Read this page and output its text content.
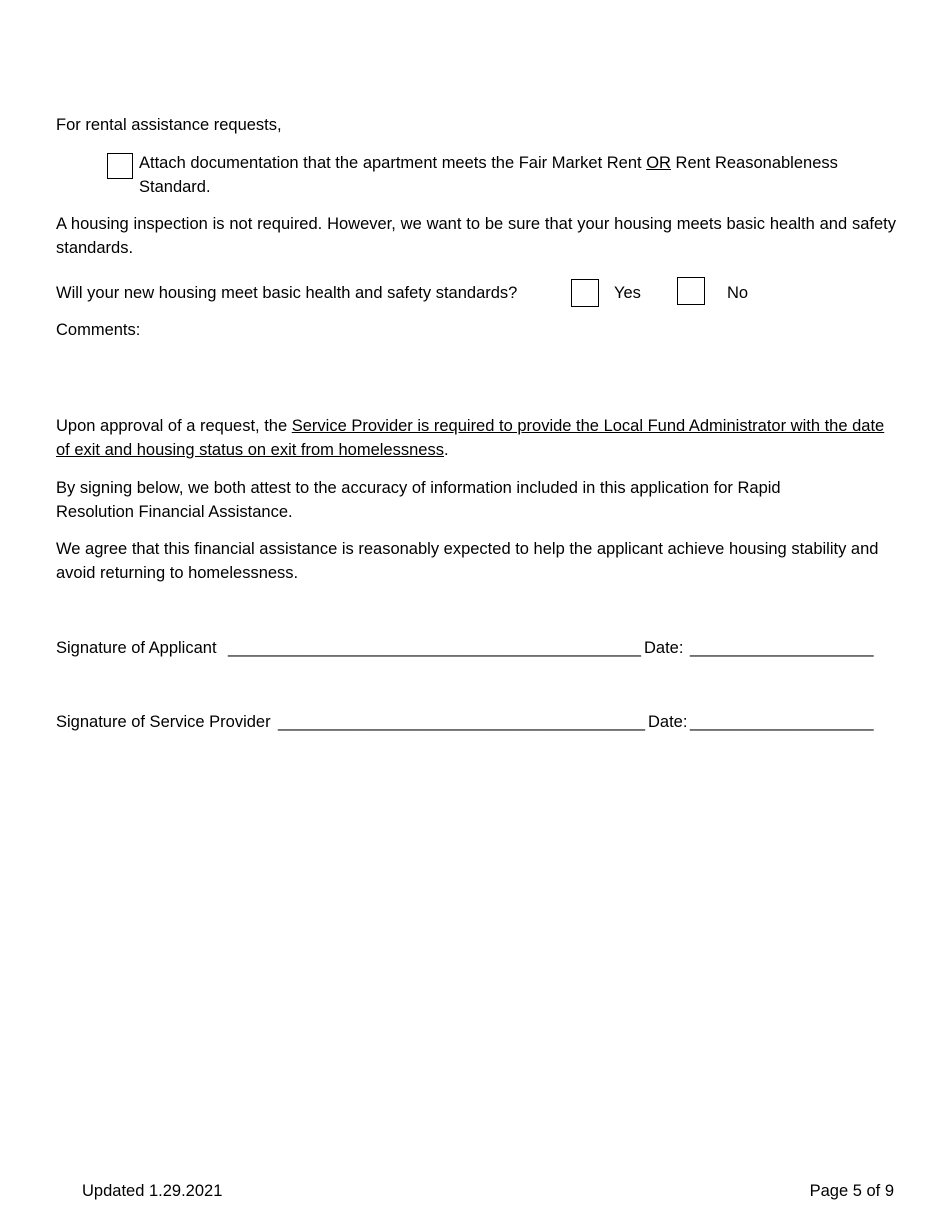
For rental assistance requests,

Attach documentation that the apartment meets the Fair Market Rent OR Rent Reasonableness Standard.

A housing inspection is not required. However, we want to be sure that your housing meets basic health and safety standards.

Will your new housing meet basic health and safety standards?	Yes	No
Comments:

Upon approval of a request, the Service Provider is required to provide the Local Fund Administrator with the date of exit and housing status on exit from homelessness.

By signing below, we both attest to the accuracy of information included in this application for Rapid Resolution Financial Assistance.

We agree that this financial assistance is reasonably expected to help the applicant achieve housing stability and avoid returning to homelessness.

Signature of Applicant _____________________________________________ Date: ____________________
Signature of Service Provider ________________________________________ Date: ____________________
Updated 1.29.2021	Page 5 of 9
